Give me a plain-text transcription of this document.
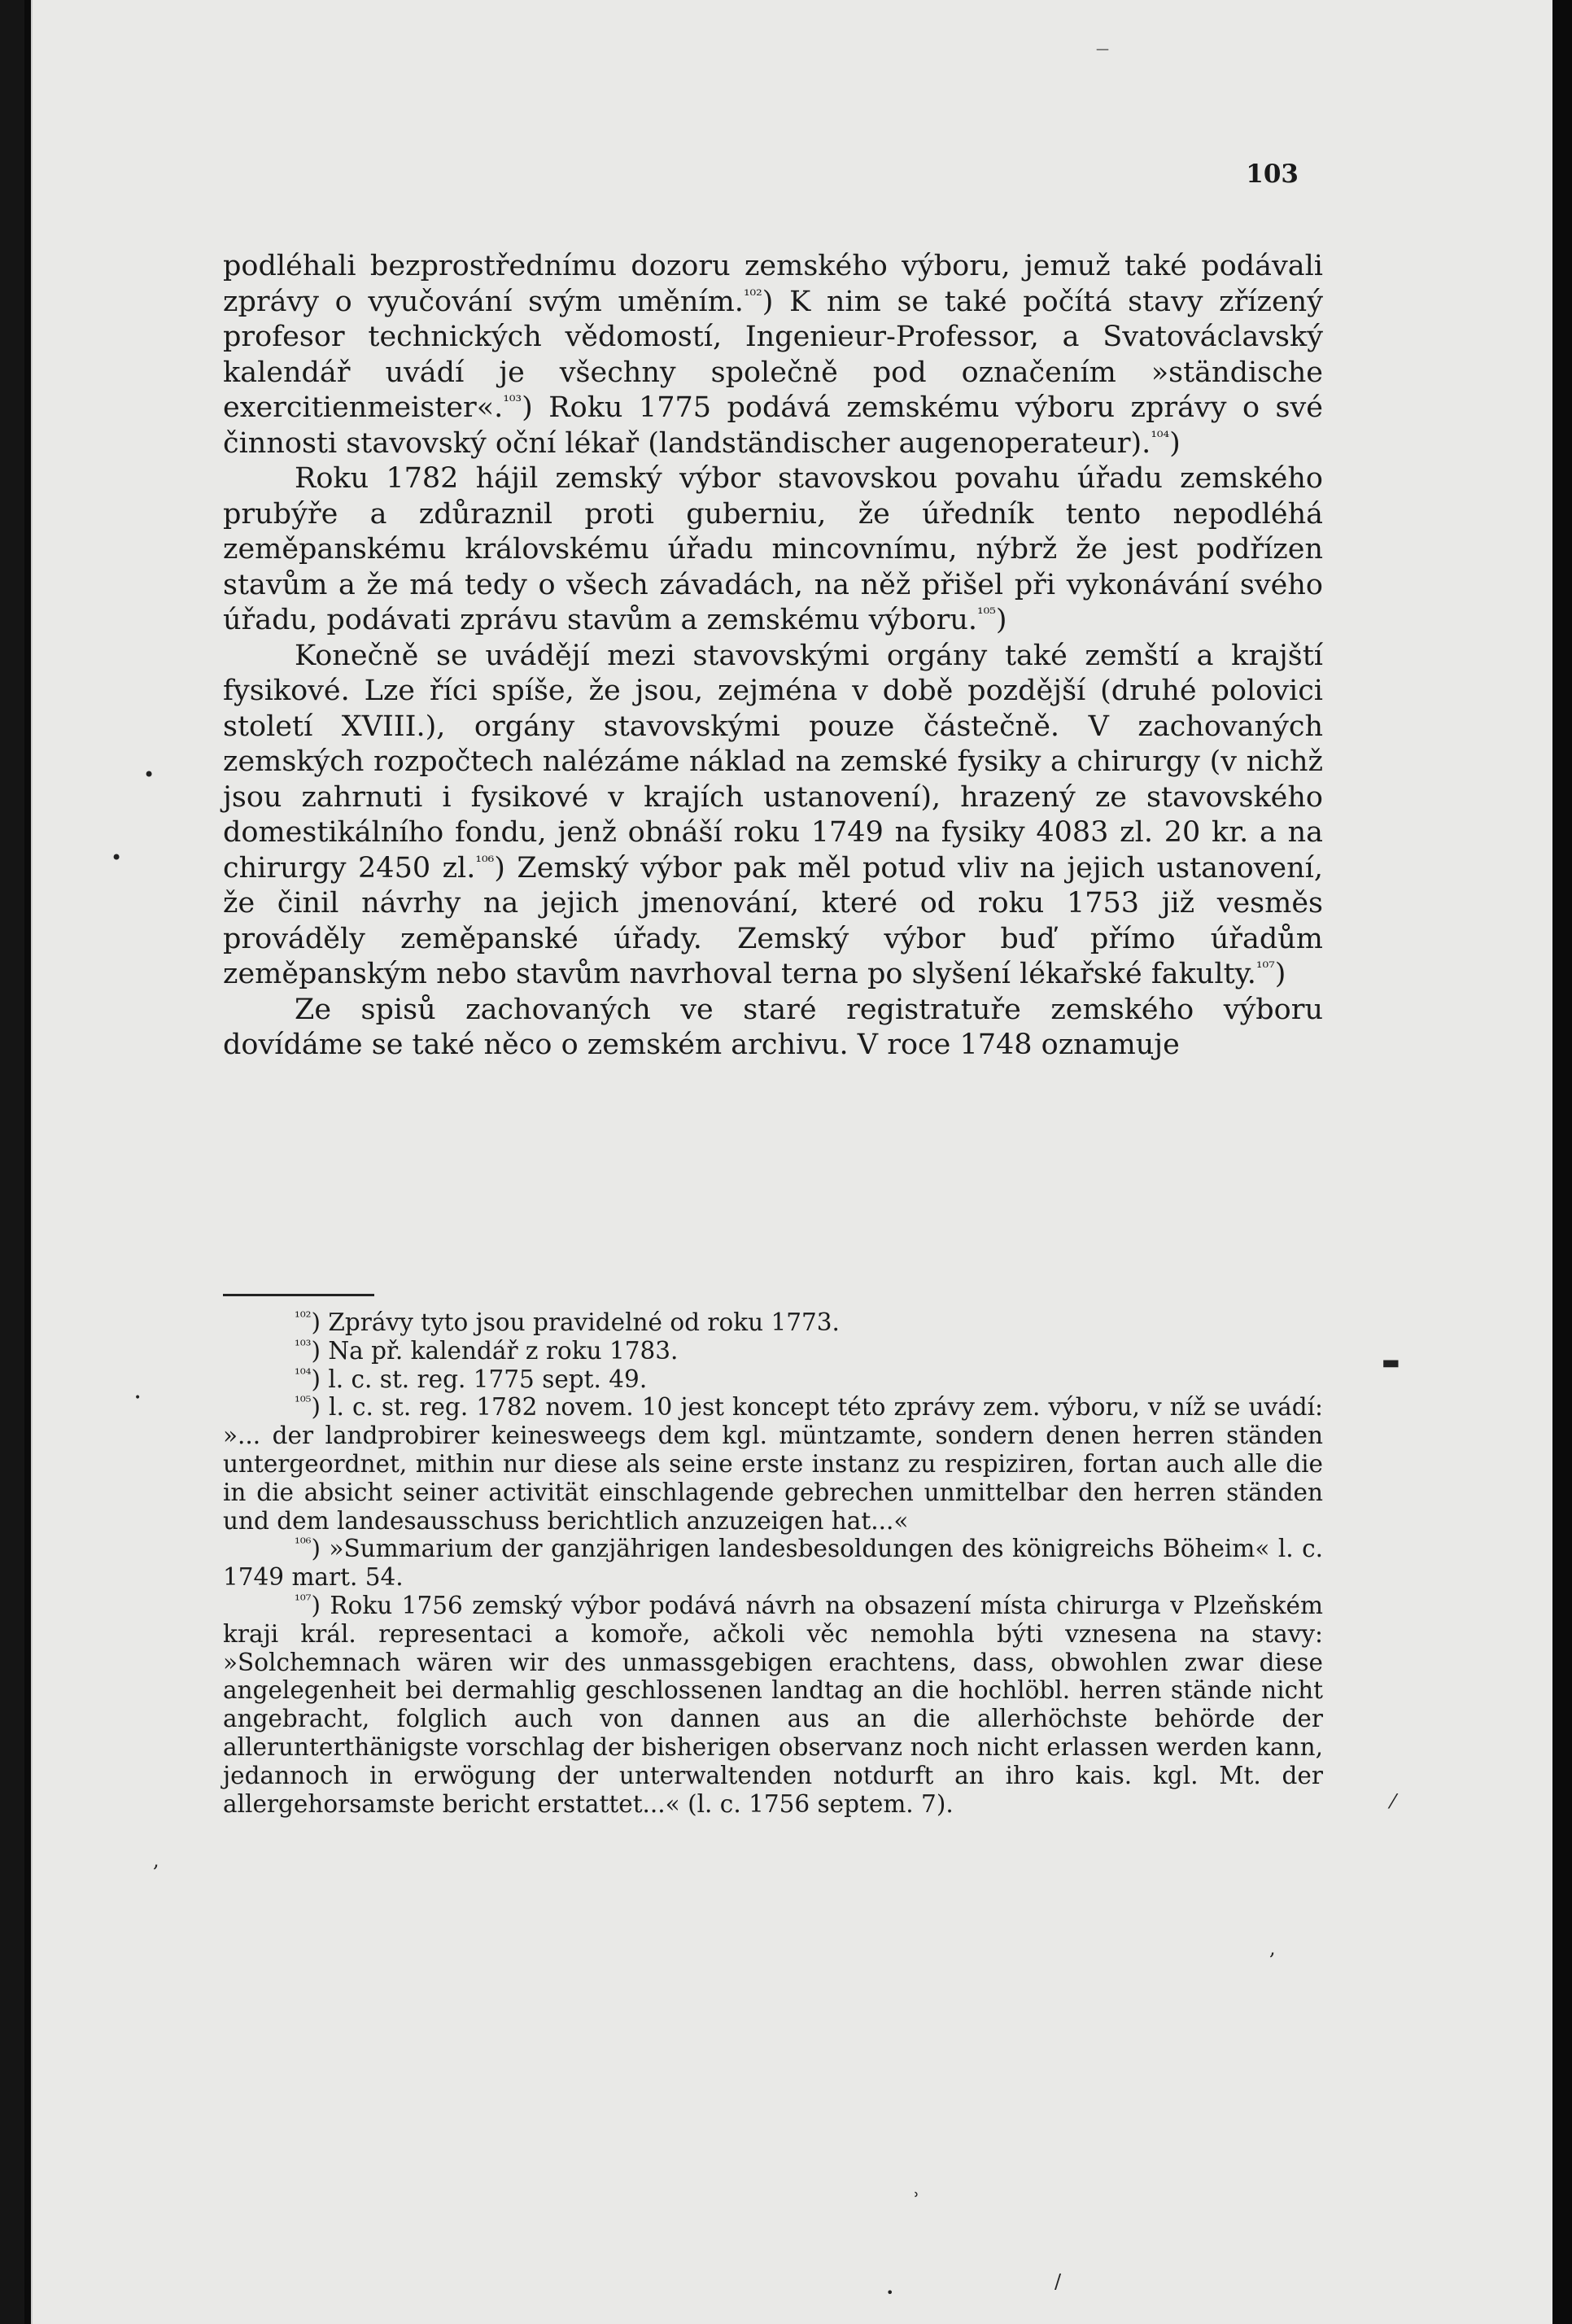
103

podléhali bezprostřednímu dozoru zemského výboru, jemuž také podávali zprávy o vyučování svým uměním.$^{^{102}}$) K nim se také počítá stavy zřízený profesor technických vědomostí, Ingenieur-Professor, a Svatováclavský kalendář uvádí je všechny společně pod označením »ständische exercitienmeister«.$^{^{103}}$) Roku 1775 podává zemskému výboru zprávy o své činnosti stavovský oční lékař (landständischer augenoperateur).$^{^{104}}$)

Roku 1782 hájil zemský výbor stavovskou povahu úřadu zemského prubýře a zdůraznil proti guberniu, že úředník tento nepodléhá zeměpanskému královskému úřadu mincovnímu, nýbrž že jest podřízen stavům a že má tedy o všech závadách, na něž přišel při vykonávání svého úřadu, podávati zprávu stavům a zemskému výboru.$^{^{105}}$)

Konečně se uvádějí mezi stavovskými orgány také zemští a krajští fysikové. Lze říci spíše, že jsou, zejména v době pozdější (druhé polovici století XVIII.), orgány stavovskými pouze částečně. V zachovaných zemských rozpočtech nalézáme náklad na zemské fysiky a chirurgy (v nichž jsou zahrnuti i fysikové v krajích ustanovení), hrazený ze stavovského domestikálního fondu, jenž obnáší roku 1749 na fysiky 4083 zl. 20 kr. a na chirurgy 2450 zl.$^{^{106}}$) Zemský výbor pak měl potud vliv na jejich ustanovení, že činil návrhy na jejich jmenování, které od roku 1753 již vesměs prováděly zeměpanské úřady. Zemský výbor buď přímo úřadům zeměpanským nebo stavům navrhoval terna po slyšení lékařské fakulty.$^{^{107}}$)

Ze spisů zachovaných ve staré registratuře zemského výboru dovídáme se také něco o zemském archivu. V roce 1748 oznamuje

$^{^{102}}$) Zprávy tyto jsou pravidelné od roku 1773.

$^{^{103}}$) Na př. kalendář z roku 1783.

$^{^{104}}$) l. c. st. reg. 1775 sept. 49.

$^{^{105}}$) l. c. st. reg. 1782 novem. 10 jest koncept této zprávy zem. výboru, v níž se uvádí: »... der landprobirer keinesweegs dem kgl. müntzamte, sondern denen herren ständen untergeordnet, mithin nur diese als seine erste instanz zu respiziren, fortan auch alle die in die absicht seiner activität einschlagende gebrechen unmittelbar den herren ständen und dem landesausschuss berichtlich anzuzeigen hat...«

$^{^{106}}$) »Summarium der ganzjährigen landesbesoldungen des königreichs Böheim« l. c. 1749 mart. 54.

$^{^{107}}$) Roku 1756 zemský výbor podává návrh na obsazení místa chirurga v Plzeňském kraji král. representaci a komoře, ačkoli věc nemohla býti vznesena na stavy: »Solchemnach wären wir des unmassgebigen erachtens, dass, obwohlen zwar diese angelegenheit bei dermahlig geschlossenen landtag an die hochlöbl. herren stände nicht angebracht, folglich auch von dannen aus an die allerhöchste behörde der allerunterthänigste vorschlag der bisherigen observanz noch nicht erlassen werden kann, jedannoch in erwögung der unterwaltenden notdurft an ihro kais. kgl. Mt. der allergehorsamste bericht erstattet...« (l. c. 1756 septem. 7).

—
•
•
▬
•
⁄
,
,
ʾ
•	/
